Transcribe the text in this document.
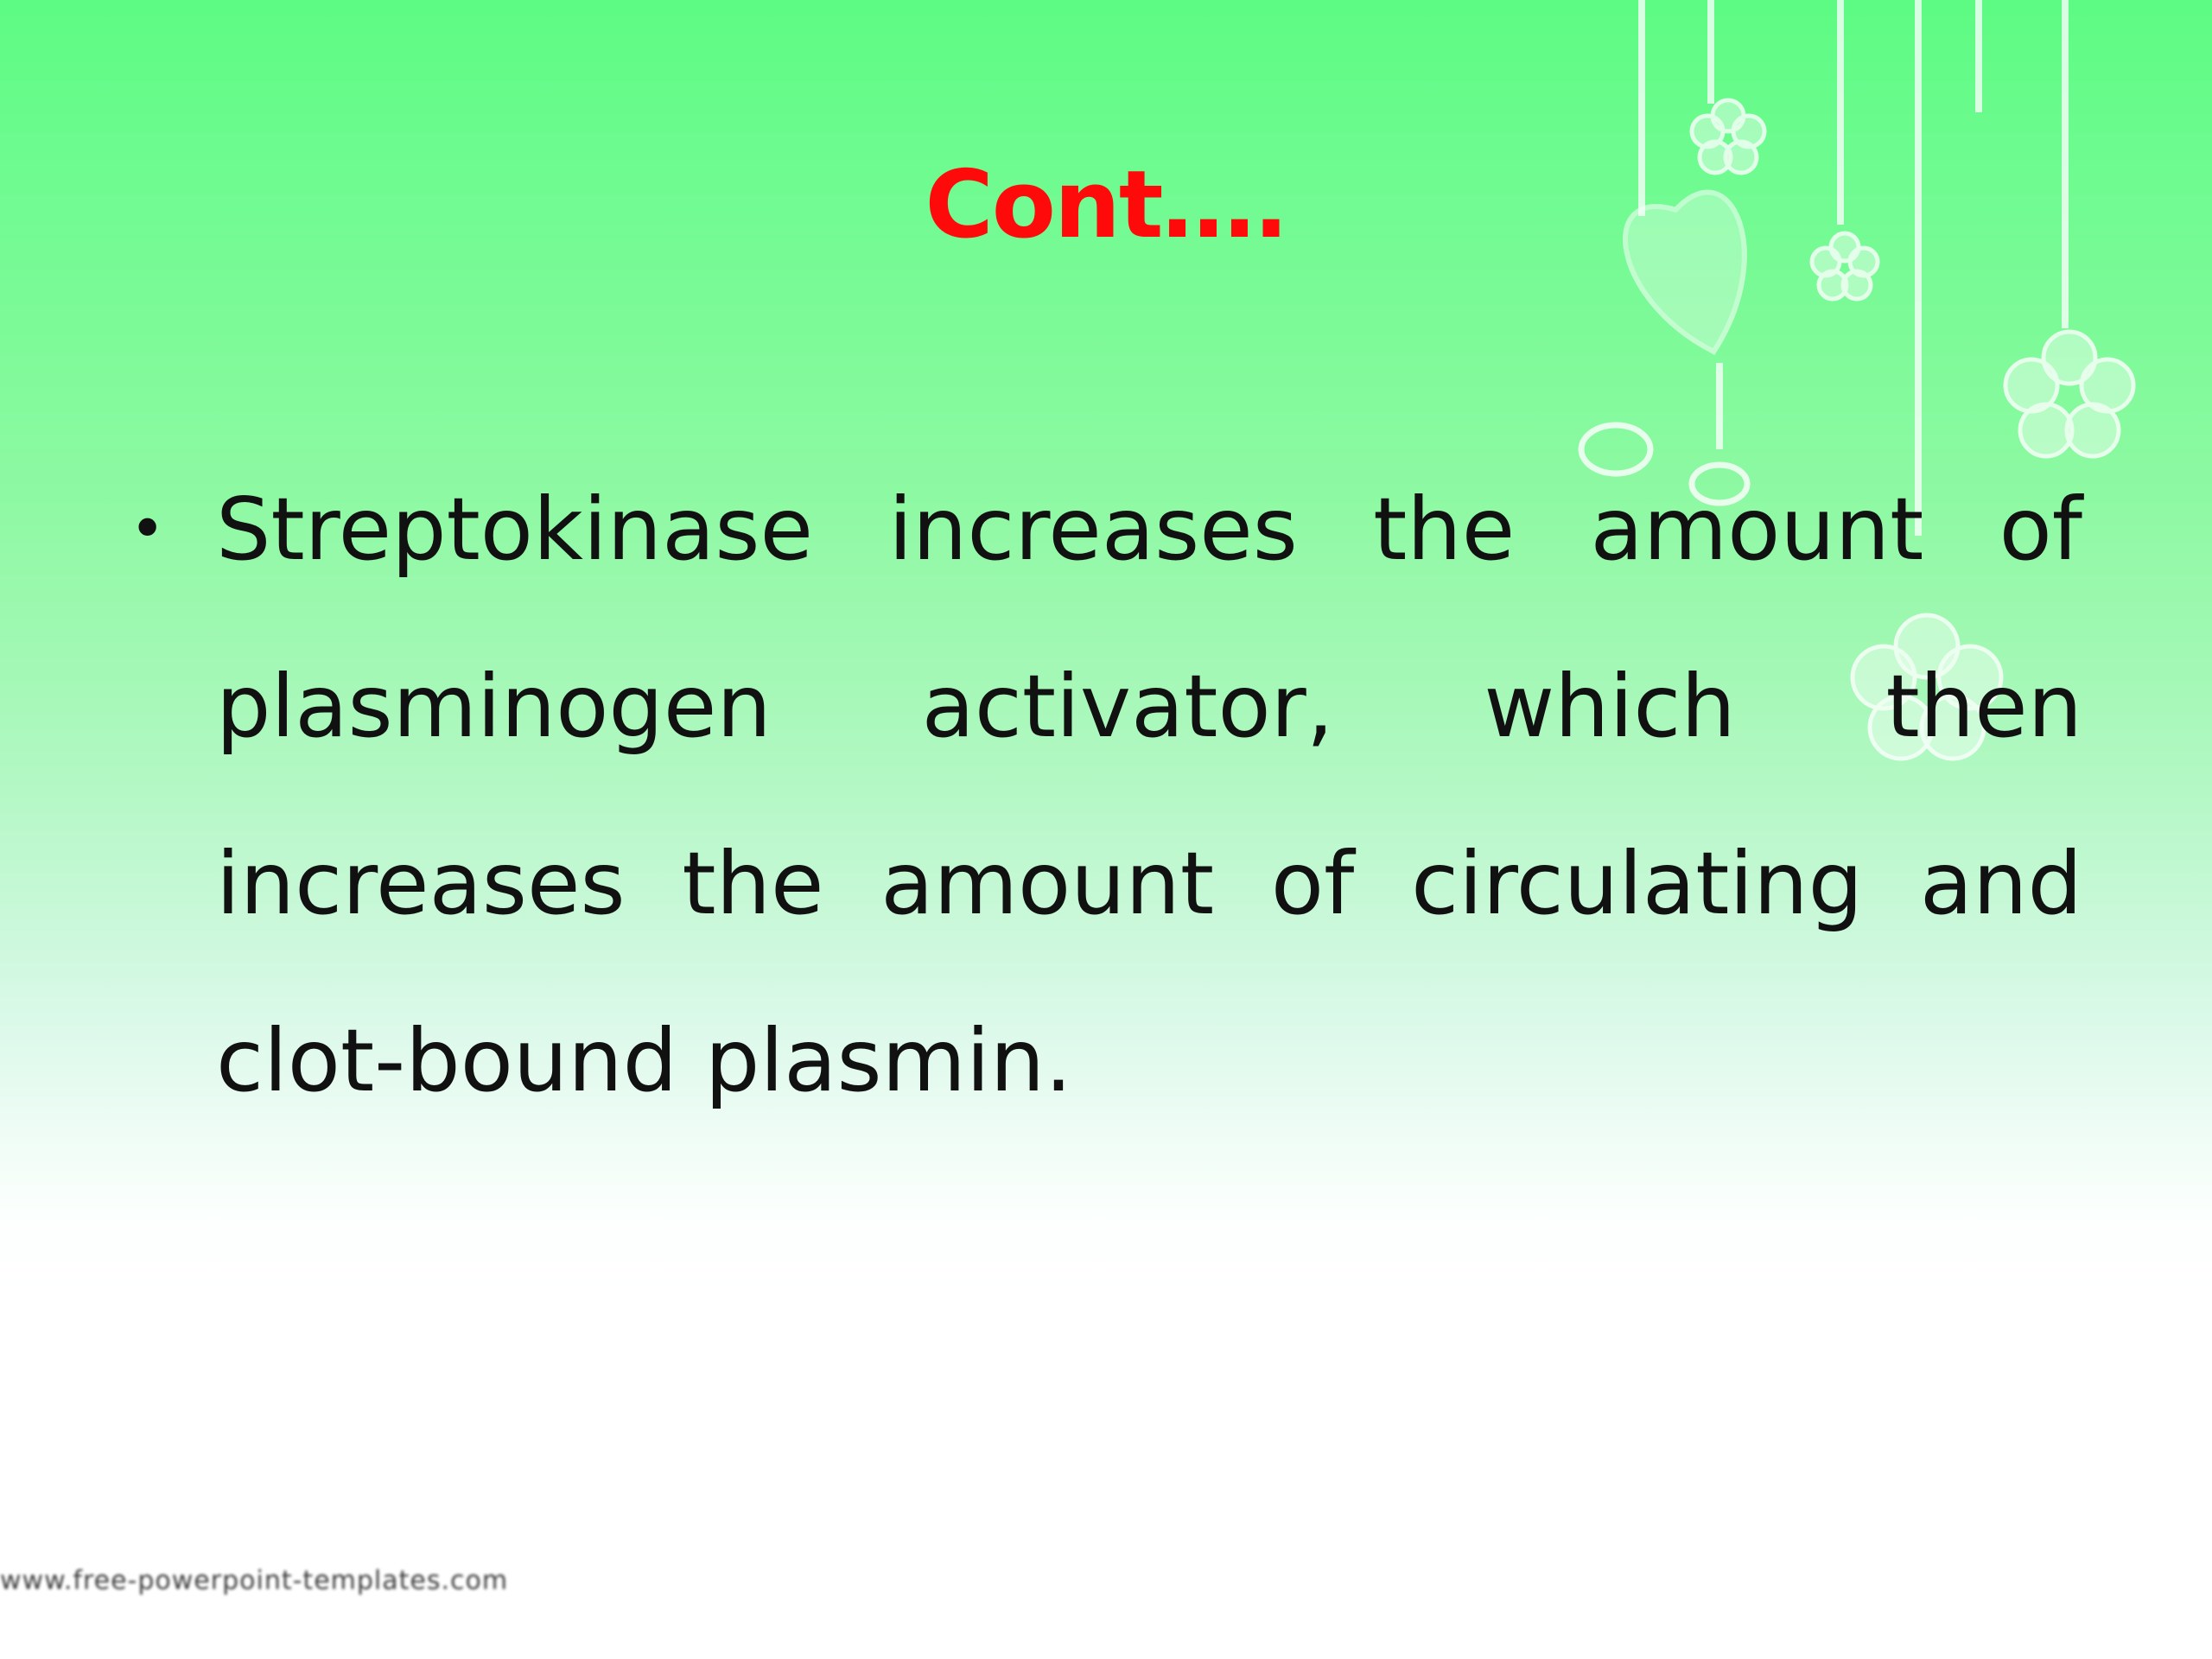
Cont….
• Streptokinase increases the amount of plasminogen activator, which then increases the amount of circulating and clot-bound plasmin.
www.free-powerpoint-templates.com
